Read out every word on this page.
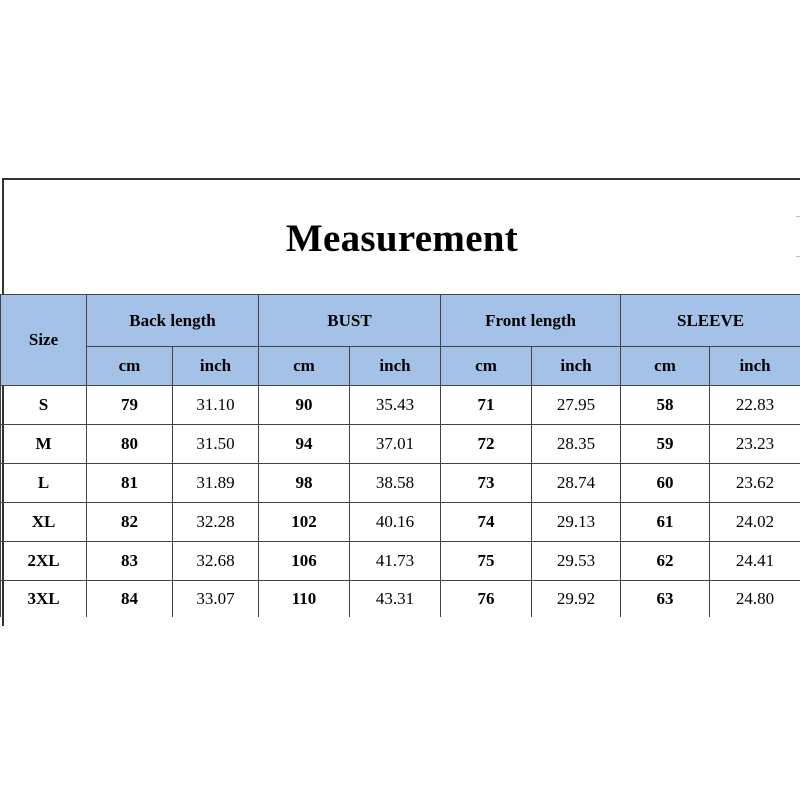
Measurement
Size	Back length		BUST		Front length		SLEEVE	
	cm	inch	cm	inch	cm	inch	cm	inch
S	79	31.10	90	35.43	71	27.95	58	22.83
M	80	31.50	94	37.01	72	28.35	59	23.23
L	81	31.89	98	38.58	73	28.74	60	23.62
XL	82	32.28	102	40.16	74	29.13	61	24.02
2XL	83	32.68	106	41.73	75	29.53	62	24.41
3XL	84	33.07	110	43.31	76	29.92	63	24.80
